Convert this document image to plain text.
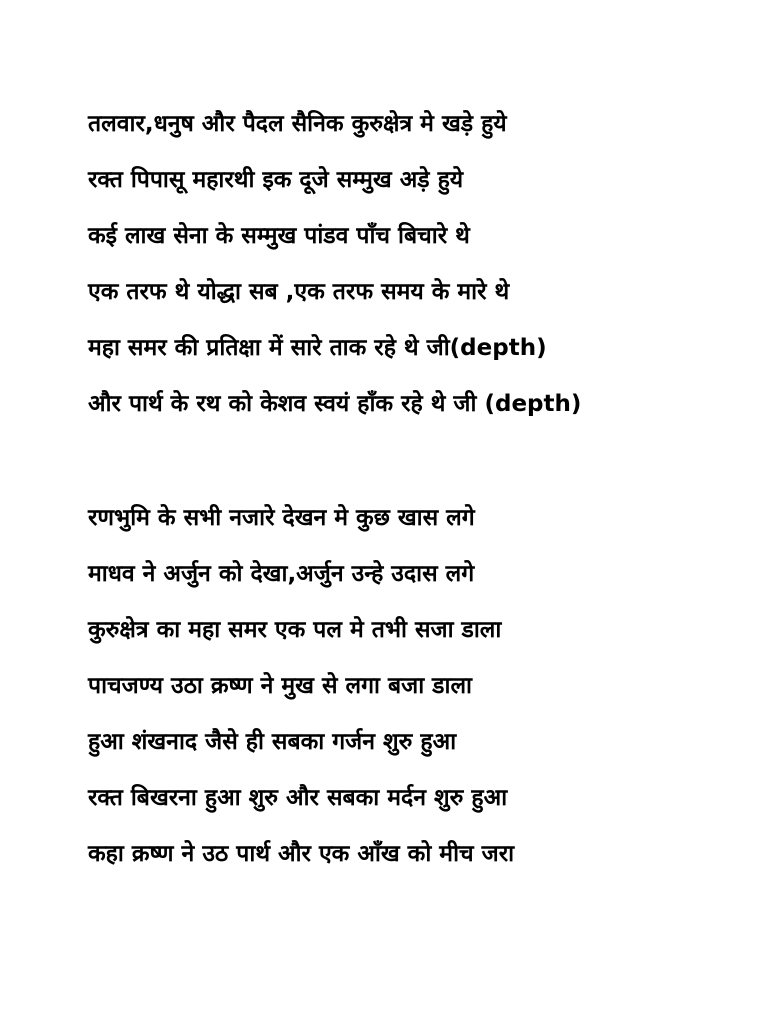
तलवार,धनुष और पैदल सैनिक कुरुक्षेत्र मे खड़े हुये
रक्त पिपासू महारथी इक दूजे सम्मुख अड़े हुये
कई लाख सेना के सम्मुख पांडव पाँच बिचारे थे
एक तरफ थे योद्धा सब ,एक तरफ समय के मारे थे
महा समर की प्रतिक्षा में सारे ताक रहे थे जी(depth)
और पार्थ के रथ को केशव स्वयं हाँक रहे थे जी (depth)
रणभुमि के सभी नजारे देखन मे कुछ खास लगे
माधव ने अर्जुन को देखा,अर्जुन उन्हे उदास लगे
कुरुक्षेत्र का महा समर एक पल मे तभी सजा डाला
पाचजण्य उठा क्रष्ण ने मुख से लगा बजा डाला
हुआ शंखनाद जैसे ही सबका गर्जन शुरु हुआ
रक्त बिखरना हुआ शुरु और सबका मर्दन शुरु हुआ
कहा क्रष्ण ने उठ पार्थ और एक आँख को मीच जरा
